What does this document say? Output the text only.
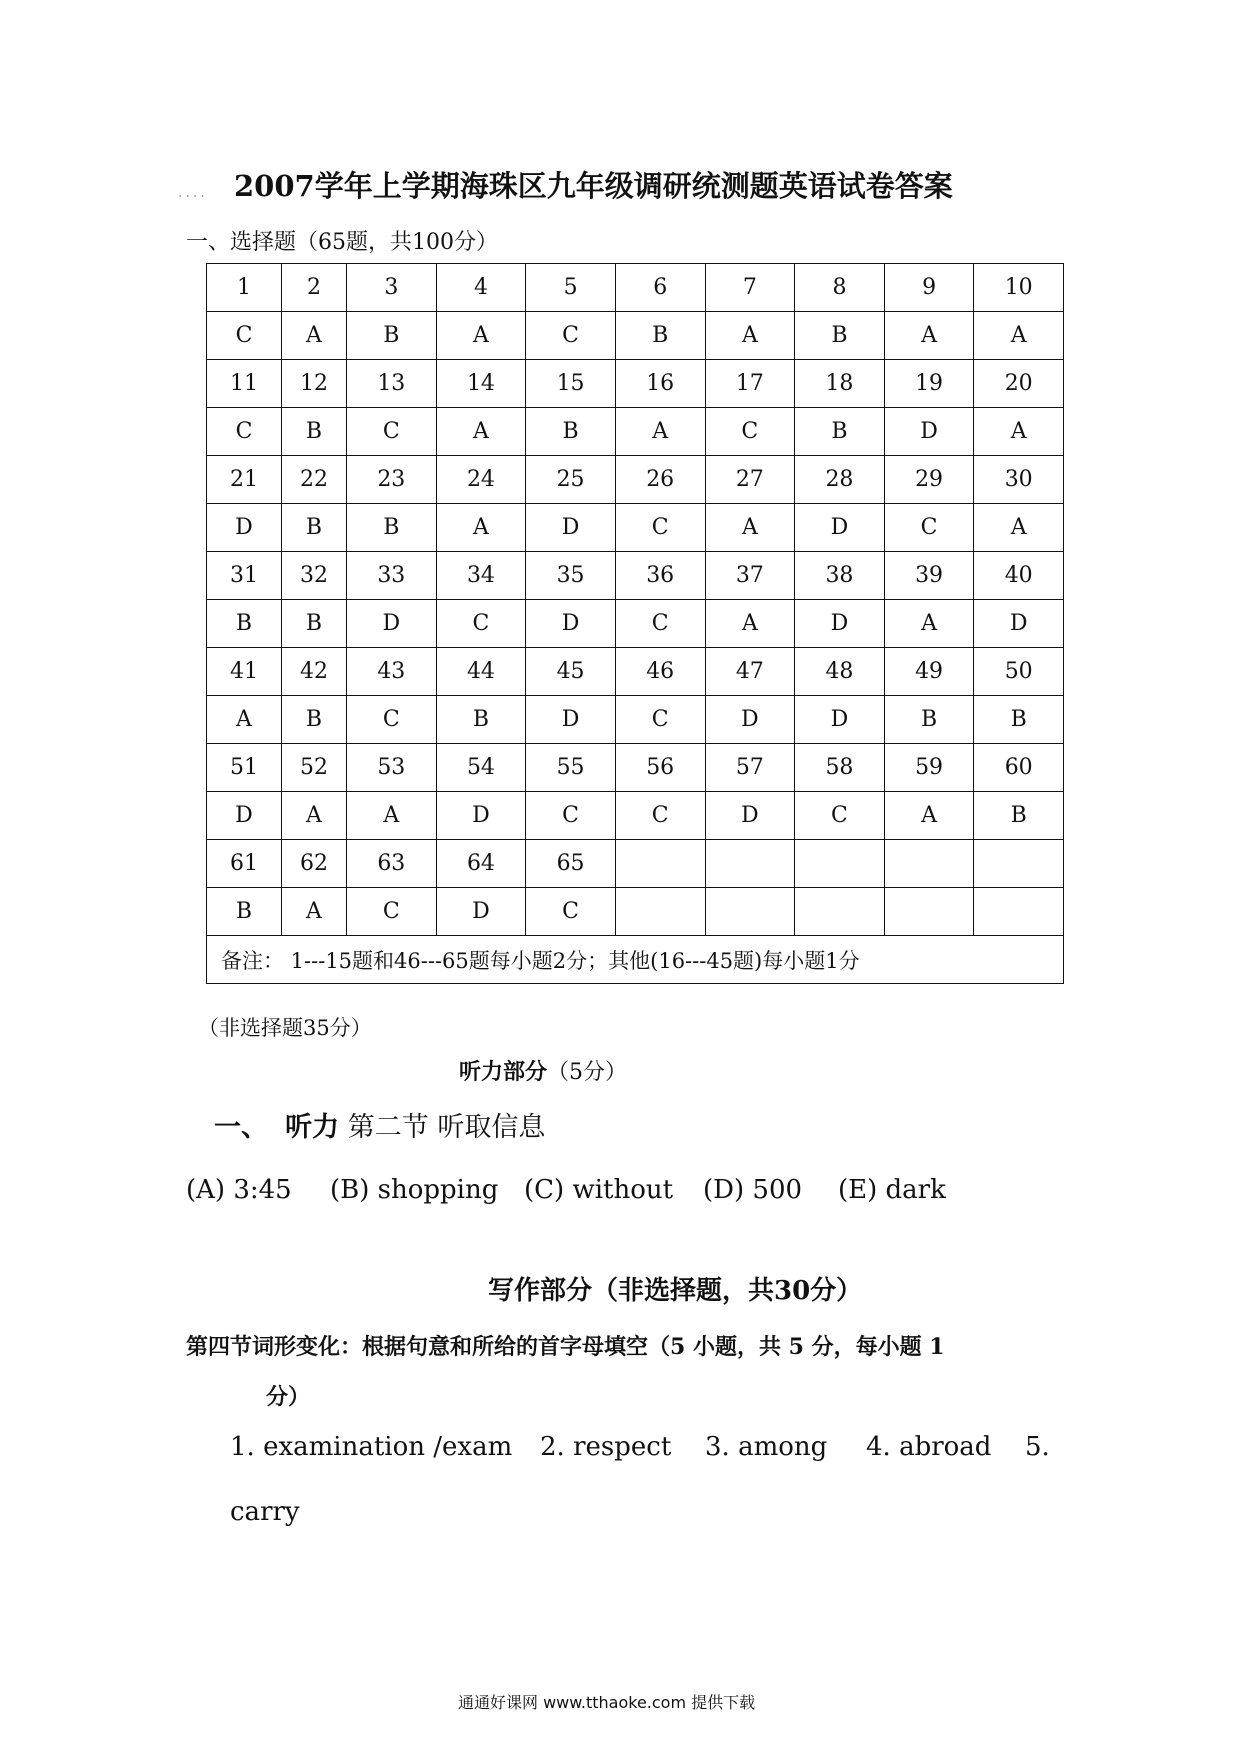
.... 2007学年上学期海珠区九年级调研统测题英语试卷答案
一、选择题（65题，共100分）
1	2	3	4	5	6	7	8	9	10
C	A	B	A	C	B	A	B	A	A
11	12	13	14	15	16	17	18	19	20
C	B	C	A	B	A	C	B	D	A
21	22	23	24	25	26	27	28	29	30
D	B	B	A	D	C	A	D	C	A
31	32	33	34	35	36	37	38	39	40
B	B	D	C	D	C	A	D	A	D
41	42	43	44	45	46	47	48	49	50
A	B	C	B	D	C	D	D	B	B
51	52	53	54	55	56	57	58	59	60
D	A	A	D	C	C	D	C	A	B
61	62	63	64	65					
B	A	C	D	C					
备注： 1---15题和46---65题每小题2分；其他(16---45题)每小题1分									
（非选择题35分）
听力部分（5分）
一、 听力 第二节 听取信息
(A) 3:45 (B) shopping (C) without (D) 500 (E) dark
写作部分（非选择题，共30分）
第四节词形变化：根据句意和所给的首字母填空（5 小题，共 5 分，每小题 1
分）
1. examination /exam 2. respect 3. among 4. abroad 5.
carry
通通好课网 www.tthaoke.com 提供下载
